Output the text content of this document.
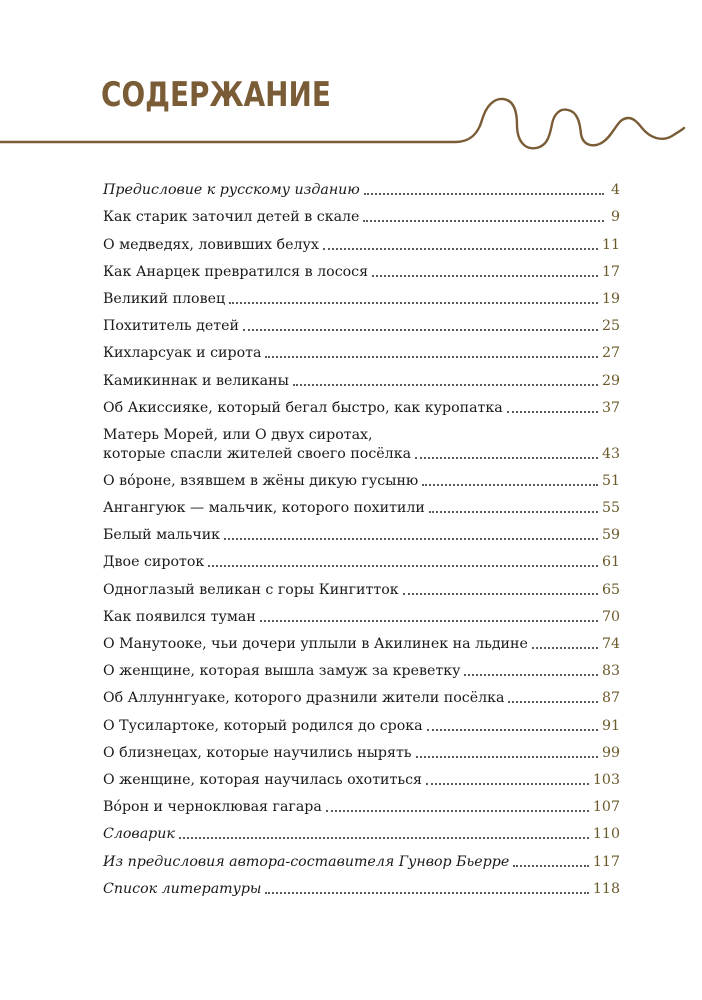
СОДЕРЖАНИЕ
Предисловие к русскому изданию	4
Как старик заточил детей в скале	9
О медведях, ловивших белух	11
Как Анарцек превратился в лосося	17
Великий пловец	19
Похититель детей	25
Кихларсуак и сирота	27
Камикиннак и великаны	29
Об Акиссияке, который бегал быстро, как куропатка	37
Матерь Морей, или О двух сиротах,
которые спасли жителей своего посёлка	43
О вóроне, взявшем в жёны дикую гусыню	51
Ангангуюк — мальчик, которого похитили	55
Белый мальчик	59
Двое сироток	61
Одноглазый великан с горы Кингитток	65
Как появился туман	70
О Манутооке, чьи дочери уплыли в Акилинек на льдине	74
О женщине, которая вышла замуж за креветку	83
Об Аллуннгуаке, которого дразнили жители посёлка	87
О Тусилартоке, который родился до срока	91
О близнецах, которые научились нырять	99
О женщине, которая научилась охотиться	103
Вóрон и черноклювая гагара	107
Словарик	110
Из предисловия автора-составителя Гунвор Бьерре	117
Список литературы	118
